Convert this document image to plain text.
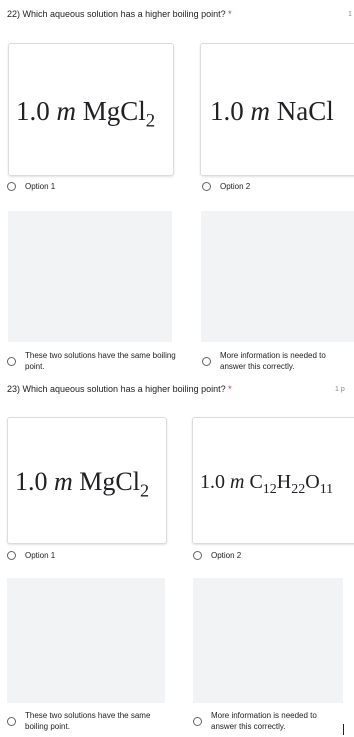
22) Which aqueous solution has a higher boiling point? *	1
1.0 m MgCl$_2$ 1.0 m NaCl
Option 1	Option 2
These two solutions have the same boiling point.
More information is needed to answer this correctly.
23) Which aqueous solution has a higher boiling point? *	1 p
1.0 m MgCl$_2$	1.0 m $C_{12}H_{22}O_{11}$
Option 1	Option 2
These two solutions have the same boiling point.
More information is needed to answer this correctly.
